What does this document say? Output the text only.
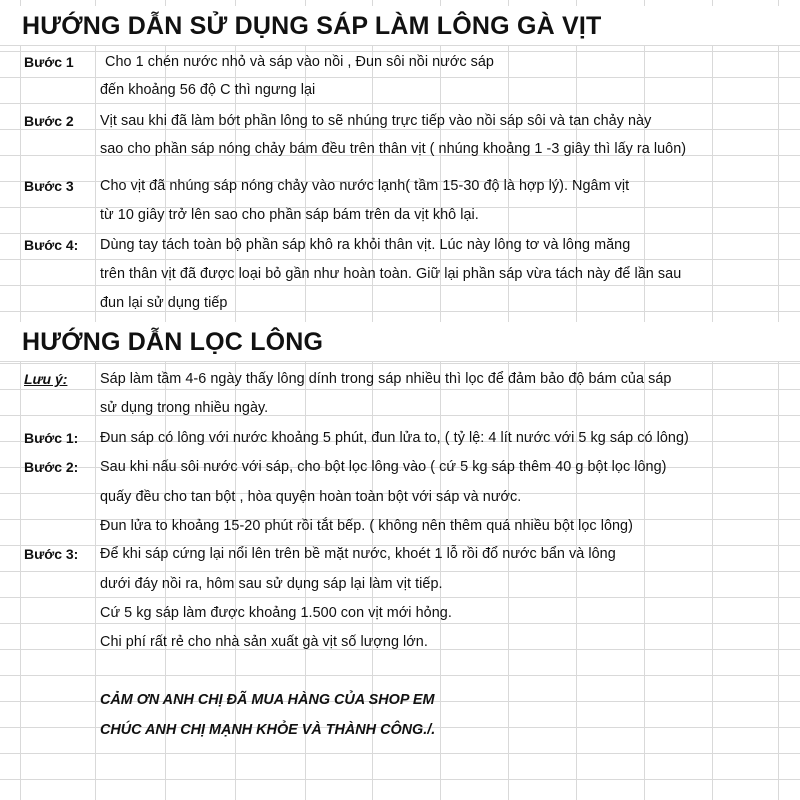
HƯỚNG DẪN SỬ DỤNG SÁP LÀM LÔNG GÀ VỊT
Bước 1 Cho 1 chén nước nhỏ và sáp vào nồi , Đun sôi nồi nước sáp
đến khoảng 56 độ C thì ngưng lại
Bước 2 Vịt sau khi đã làm bớt phần lông to sẽ nhúng trực tiếp vào nồi sáp sôi và tan chảy này
sao cho phần sáp nóng chảy bám đều trên thân vịt ( nhúng khoảng 1 -3 giây thì lấy ra luôn)
Bước 3 Cho vịt đã nhúng sáp nóng chảy vào nước lạnh( tầm 15-30 độ là hợp lý). Ngâm vịt
từ 10 giây trở lên sao cho phần sáp bám trên da vịt khô lại.
Bước 4: Dùng tay tách toàn bộ phần sáp khô ra khỏi thân vịt. Lúc này lông tơ và lông măng
trên thân vịt đã được loại bỏ gần như hoàn toàn. Giữ lại phần sáp vừa tách này để lần sau
đun lại sử dụng tiếp
HƯỚNG DẪN LỌC LÔNG
Lưu ý: Sáp làm tầm 4-6 ngày thấy lông dính trong sáp nhiều thì lọc để đảm bảo độ bám của sáp
sử dụng trong nhiều ngày.
Bước 1: Đun sáp có lông với nước khoảng 5 phút, đun lửa to, ( tỷ lệ: 4 lít nước với 5 kg sáp có lông)
Bước 2: Sau khi nấu sôi nước với sáp, cho bột lọc lông vào ( cứ 5 kg sáp thêm 40 g bột lọc lông)
quấy đều cho tan bột , hòa quyện hoàn toàn bột với sáp và nước.
Đun lửa to khoảng 15-20 phút rồi tắt bếp. ( không nên thêm quá nhiều bột lọc lông)
Bước 3: Để khi sáp cứng lại nổi lên trên bề mặt nước, khoét 1 lỗ rồi đổ nước bẩn và lông
dưới đáy nồi ra, hôm sau sử dụng sáp lại làm vịt tiếp.
Cứ 5 kg sáp làm được khoảng 1.500 con vịt mới hỏng.
Chi phí rất rẻ cho nhà sản xuất gà vịt số lượng lớn.
CẢM ƠN ANH CHỊ ĐÃ MUA HÀNG CỦA SHOP EM
CHÚC ANH CHỊ MẠNH KHỎE VÀ THÀNH CÔNG./.
